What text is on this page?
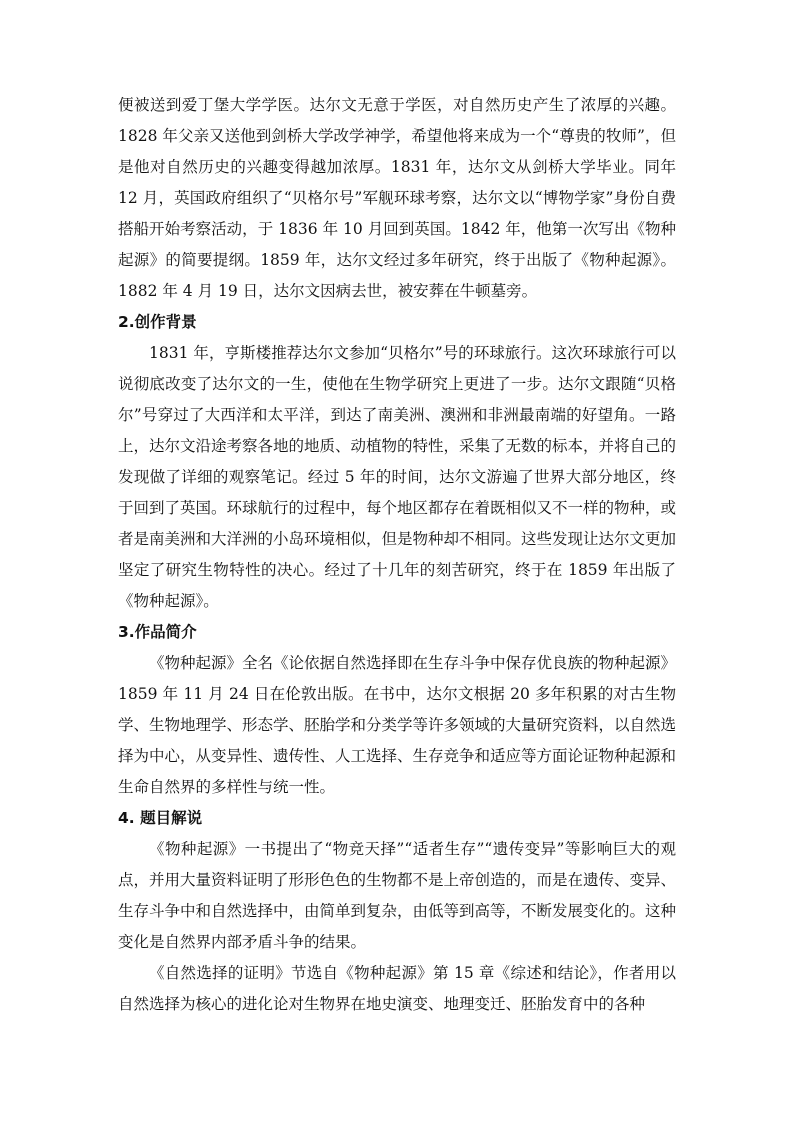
便被送到爱丁堡大学学医。达尔文无意于学医，对自然历史产生了浓厚的兴趣。1828 年父亲又送他到剑桥大学改学神学，希望他将来成为一个“尊贵的牧师”，但是他对自然历史的兴趣变得越加浓厚。1831 年，达尔文从剑桥大学毕业。同年 12 月，英国政府组织了“贝格尔号”军舰环球考察，达尔文以“博物学家”身份自费搭船开始考察活动，于 1836 年 10 月回到英国。1842 年，他第一次写出《物种起源》的简要提纲。1859 年，达尔文经过多年研究，终于出版了《物种起源》。1882 年 4 月 19 日，达尔文因病去世，被安葬在牛顿墓旁。

2.创作背景

1831 年，亨斯楼推荐达尔文参加“贝格尔”号的环球旅行。这次环球旅行可以说彻底改变了达尔文的一生，使他在生物学研究上更进了一步。达尔文跟随“贝格尔”号穿过了大西洋和太平洋，到达了南美洲、澳洲和非洲最南端的好望角。一路上，达尔文沿途考察各地的地质、动植物的特性，采集了无数的标本，并将自己的发现做了详细的观察笔记。经过 5 年的时间，达尔文游遍了世界大部分地区，终于回到了英国。环球航行的过程中，每个地区都存在着既相似又不一样的物种，或者是南美洲和大洋洲的小岛环境相似，但是物种却不相同。这些发现让达尔文更加坚定了研究生物特性的决心。经过了十几年的刻苦研究，终于在 1859 年出版了《物种起源》。

3.作品简介

《物种起源》全名《论依据自然选择即在生存斗争中保存优良族的物种起源》1859 年 11 月 24 日在伦敦出版。在书中，达尔文根据 20 多年积累的对古生物学、生物地理学、形态学、胚胎学和分类学等许多领域的大量研究资料，以自然选择为中心，从变异性、遗传性、人工选择、生存竞争和适应等方面论证物种起源和生命自然界的多样性与统一性。

4. 题目解说

《物种起源》一书提出了“物竞天择”“适者生存”“遗传变异”等影响巨大的观点，并用大量资料证明了形形色色的生物都不是上帝创造的，而是在遗传、变异、生存斗争中和自然选择中，由简单到复杂，由低等到高等，不断发展变化的。这种变化是自然界内部矛盾斗争的结果。

《自然选择的证明》节选自《物种起源》第 15 章《综述和结论》，作者用以自然选择为核心的进化论对生物界在地史演变、地理变迁、胚胎发育中的各种
